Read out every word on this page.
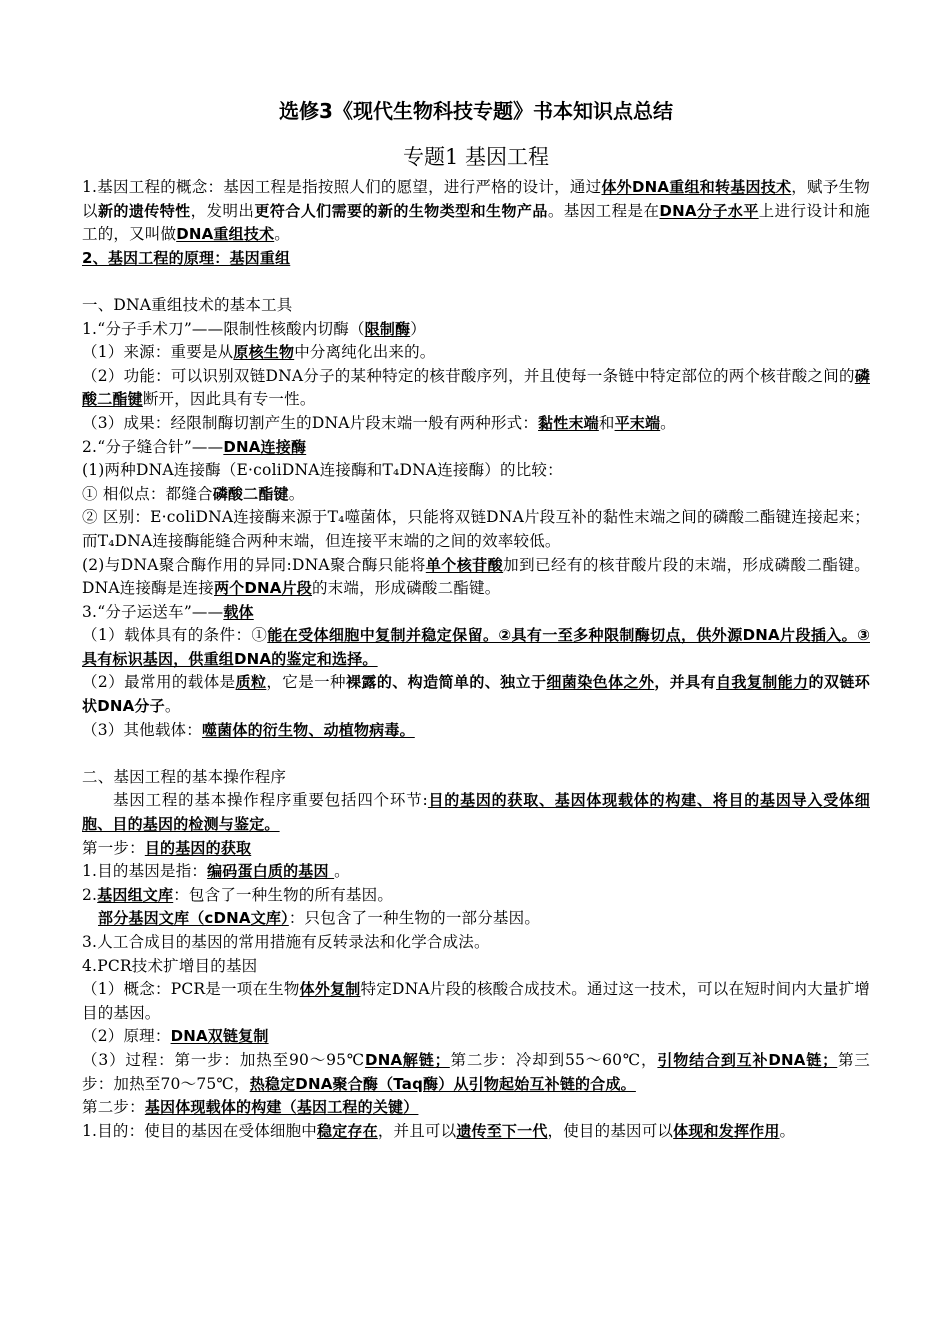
选修3《现代生物科技专题》书本知识点总结
专题1 基因工程

1.基因工程的概念：基因工程是指按照人们的愿望，进行严格的设计，通过体外DNA重组和转基因技术，赋予生物以新的遗传特性，发明出更符合人们需要的新的生物类型和生物产品。基因工程是在DNA分子水平上进行设计和施工的，又叫做DNA重组技术。

2、基因工程的原理：基因重组

一、DNA重组技术的基本工具

1.“分子手术刀”——限制性核酸内切酶（限制酶）

（1）来源：重要是从原核生物中分离纯化出来的。

（2）功能：可以识别双链DNA分子的某种特定的核苷酸序列，并且使每一条链中特定部位的两个核苷酸之间的磷酸二酯键断开，因此具有专一性。

（3）成果：经限制酶切割产生的DNA片段末端一般有两种形式：黏性末端和平末端。

2.“分子缝合针”——DNA连接酶

(1)两种DNA连接酶（E·coliDNA连接酶和T₄DNA连接酶）的比较：

① 相似点：都缝合磷酸二酯键。

② 区别：E·coliDNA连接酶来源于T₄噬菌体，只能将双链DNA片段互补的黏性末端之间的磷酸二酯键连接起来；而T₄DNA连接酶能缝合两种末端，但连接平末端的之间的效率较低。

(2)与DNA聚合酶作用的异同:DNA聚合酶只能将单个核苷酸加到已经有的核苷酸片段的末端，形成磷酸二酯键。DNA连接酶是连接两个DNA片段的末端，形成磷酸二酯键。

3.“分子运送车”——载体

（1）载体具有的条件：①能在受体细胞中复制并稳定保留。②具有一至多种限制酶切点，供外源DNA片段插入。③具有标识基因，供重组DNA的鉴定和选择。

（2）最常用的载体是质粒，它是一种裸露的、构造简单的、独立于细菌染色体之外，并具有自我复制能力的双链环状DNA分子。

（3）其他载体：噬菌体的衍生物、动植物病毒。

二、基因工程的基本操作程序

基因工程的基本操作程序重要包括四个环节:目的基因的获取、基因体现载体的构建、将目的基因导入受体细胞、目的基因的检测与鉴定。

第一步：目的基因的获取

1.目的基因是指：编码蛋白质的基因 。

2.基因组文库：包含了一种生物的所有基因。

部分基因文库（cDNA文库）：只包含了一种生物的一部分基因。

3.人工合成目的基因的常用措施有反转录法和化学合成法。

4.PCR技术扩增目的基因

（1）概念：PCR是一项在生物体外复制特定DNA片段的核酸合成技术。通过这一技术，可以在短时间内大量扩增目的基因。

（2）原理：DNA双链复制

（3）过程：第一步：加热至90～95℃DNA解链；第二步：冷却到55～60℃，引物结合到互补DNA链；第三步：加热至70～75℃，热稳定DNA聚合酶（Taq酶）从引物起始互补链的合成。

第二步：基因体现载体的构建（基因工程的关键）

1.目的：使目的基因在受体细胞中稳定存在，并且可以遗传至下一代，使目的基因可以体现和发挥作用。
